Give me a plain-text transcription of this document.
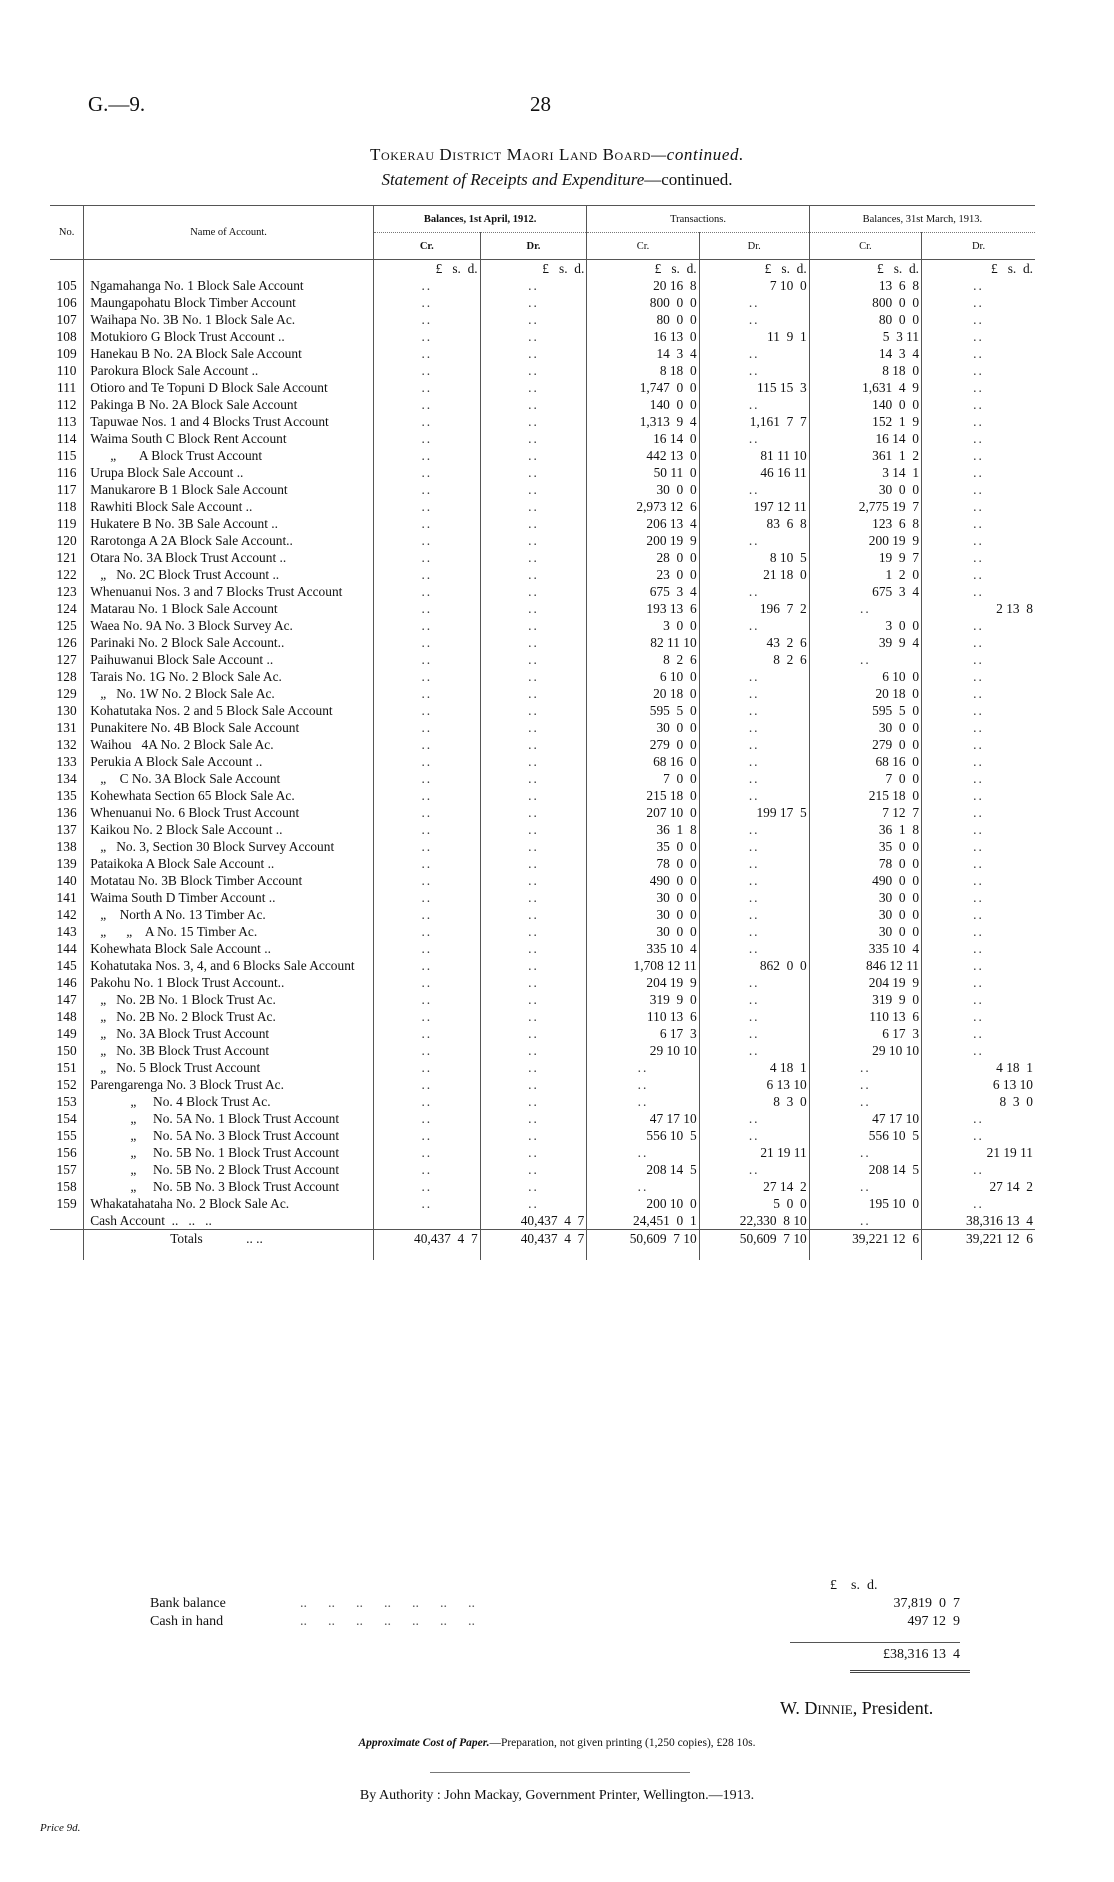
G.—9.	28
Tokerau District Maori Land Board—continued.
Statement of Receipts and Expenditure—continued.
No.	Name of Account.	Balances, 1st April, 1912.		Transactions.		Balances, 31st March, 1913.	
		Cr.	Dr.	Cr.	Dr.	Cr.	Dr.
		£   s.  d.	£   s.  d.	£   s.  d.	£   s.  d.	£   s.  d.	£   s.  d.
105	Ngamahanga No. 1 Block Sale Account	..	..	20 16  8	7 10  0	13  6  8	..
106	Maungapohatu Block Timber Account	..	..	800  0  0	..	800  0  0	..
107	Waihapa No. 3B No. 1 Block Sale Ac.	..	..	80  0  0	..	80  0  0	..
108	Motukioro G Block Trust Account ..	..	..	16 13  0	11  9  1	5  3 11	..
109	Hanekau B No. 2A Block Sale Account	..	..	14  3  4	..	14  3  4	..
110	Parokura Block Sale Account ..	..	..	8 18  0	..	8 18  0	..
111	Otioro and Te Topuni D Block Sale Account	..	..	1,747  0  0	115 15  3	1,631  4  9	..
112	Pakinga B No. 2A Block Sale Account	..	..	140  0  0	..	140  0  0	..
113	Tapuwae Nos. 1 and 4 Blocks Trust Account	..	..	1,313  9  4	1,161  7  7	152  1  9	..
114	Waima South C Block Rent Account	..	..	16 14  0	..	16 14  0	..
115	„       A Block Trust Account	..	..	442 13  0	81 11 10	361  1  2	..
116	Urupa Block Sale Account ..	..	..	50 11  0	46 16 11	3 14  1	..
117	Manukarore B 1 Block Sale Account	..	..	30  0  0	..	30  0  0	..
118	Rawhiti Block Sale Account ..	..	..	2,973 12  6	197 12 11	2,775 19  7	..
119	Hukatere B No. 3B Sale Account ..	..	..	206 13  4	83  6  8	123  6  8	..
120	Rarotonga A 2A Block Sale Account..	..	..	200 19  9	..	200 19  9	..
121	Otara No. 3A Block Trust Account ..	..	..	28  0  0	8 10  5	19  9  7	..
122	„   No. 2C Block Trust Account ..	..	..	23  0  0	21 18  0	1  2  0	..
123	Whenuanui Nos. 3 and 7 Blocks Trust Account	..	..	675  3  4	..	675  3  4	..
124	Matarau No. 1 Block Sale Account	..	..	193 13  6	196  7  2	..	2 13  8
125	Waea No. 9A No. 3 Block Survey Ac.	..	..	3  0  0	..	3  0  0	..
126	Parinaki No. 2 Block Sale Account..	..	..	82 11 10	43  2  6	39  9  4	..
127	Paihuwanui Block Sale Account ..	..	..	8  2  6	8  2  6	..	..
128	Tarais No. 1G No. 2 Block Sale Ac.	..	..	6 10  0	..	6 10  0	..
129	„   No. 1W No. 2 Block Sale Ac.	..	..	20 18  0	..	20 18  0	..
130	Kohatutaka Nos. 2 and 5 Block Sale Account	..	..	595  5  0	..	595  5  0	..
131	Punakitere No. 4B Block Sale Account	..	..	30  0  0	..	30  0  0	..
132	Waihou   4A No. 2 Block Sale Ac.	..	..	279  0  0	..	279  0  0	..
133	Perukia A Block Sale Account ..	..	..	68 16  0	..	68 16  0	..
134	„    C No. 3A Block Sale Account	..	..	7  0  0	..	7  0  0	..
135	Kohewhata Section 65 Block Sale Ac.	..	..	215 18  0	..	215 18  0	..
136	Whenuanui No. 6 Block Trust Account	..	..	207 10  0	199 17  5	7 12  7	..
137	Kaikou No. 2 Block Sale Account ..	..	..	36  1  8	..	36  1  8	..
138	„   No. 3, Section 30 Block Survey Account	..	..	35  0  0	..	35  0  0	..
139	Pataikoka A Block Sale Account ..	..	..	78  0  0	..	78  0  0	..
140	Motatau No. 3B Block Timber Account	..	..	490  0  0	..	490  0  0	..
141	Waima South D Timber Account ..	..	..	30  0  0	..	30  0  0	..
142	„    North A No. 13 Timber Ac.	..	..	30  0  0	..	30  0  0	..
143	„      „    A No. 15 Timber Ac.	..	..	30  0  0	..	30  0  0	..
144	Kohewhata Block Sale Account ..	..	..	335 10  4	..	335 10  4	..
145	Kohatutaka Nos. 3, 4, and 6 Blocks Sale Account	..	..	1,708 12 11	862  0  0	846 12 11	..
146	Pakohu No. 1 Block Trust Account..	..	..	204 19  9	..	204 19  9	..
147	„   No. 2B No. 1 Block Trust Ac.	..	..	319  9  0	..	319  9  0	..
148	„   No. 2B No. 2 Block Trust Ac.	..	..	110 13  6	..	110 13  6	..
149	„   No. 3A Block Trust Account	..	..	6 17  3	..	6 17  3	..
150	„   No. 3B Block Trust Account	..	..	29 10 10	..	29 10 10	..
151	„   No. 5 Block Trust Account	..	..	..	4 18  1	..	4 18  1
152	Parengarenga No. 3 Block Trust Ac.	..	..	..	6 13 10	..	6 13 10
153	„     No. 4 Block Trust Ac.	..	..	..	8  3  0	..	8  3  0
154	„     No. 5A No. 1 Block Trust Account	..	..	47 17 10	..	47 17 10	..
155	„     No. 5A No. 3 Block Trust Account	..	..	556 10  5	..	556 10  5	..
156	„     No. 5B No. 1 Block Trust Account	..	..	..	21 19 11	..	21 19 11
157	„     No. 5B No. 2 Block Trust Account	..	..	208 14  5	..	208 14  5	..
158	„     No. 5B No. 3 Block Trust Account	..	..	..	27 14  2	..	27 14  2
159	Whakatahataha No. 2 Block Sale Ac.	..	..	200 10  0	5  0  0	195 10  0	..
	Cash Account  ..   ..   ..		40,437  4  7	24,451  0  1	22,330  8 10	..	38,316 13  4
	Totals .. ..	40,437  4  7	40,437  4  7	50,609  7 10	50,609  7 10	39,221 12  6	39,221 12  6
£    s.  d.
Bank balance	..      ..      ..      ..      ..      ..      ..	37,819  0  7
Cash in hand	..      ..      ..      ..      ..      ..      ..	497 12  9
£38,316 13  4
W. Dinnie, President.
Approximate Cost of Paper.—Preparation, not given printing (1,250 copies), £28 10s.
By Authority : John Mackay, Government Printer, Wellington.—1913.
Price 9d.
